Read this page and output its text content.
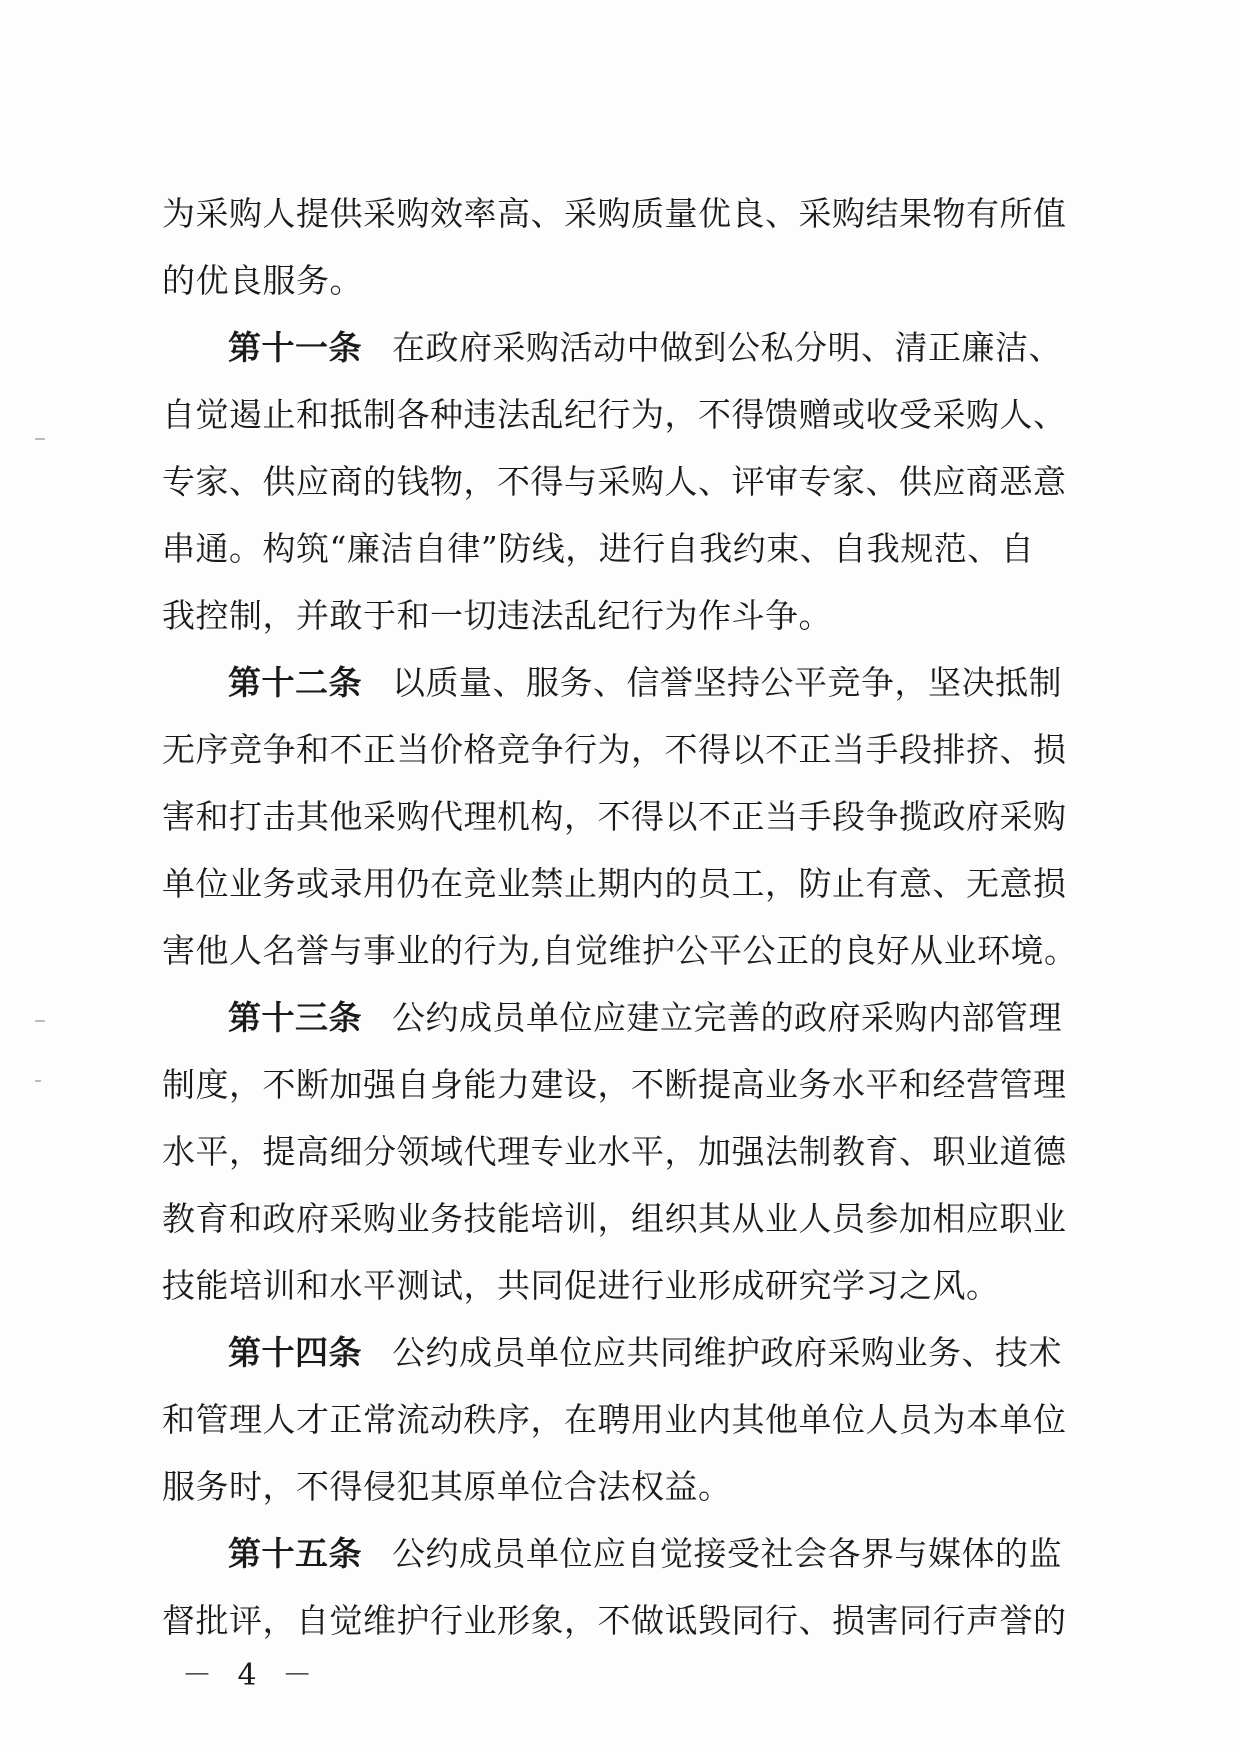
为采购人提供采购效率高、采购质量优良、采购结果物有所值
的优良服务。
第十一条 在政府采购活动中做到公私分明、清正廉洁、
自觉遏止和抵制各种违法乱纪行为，不得馈赠或收受采购人、
专家、供应商的钱物，不得与采购人、评审专家、供应商恶意
串通。构筑“廉洁自律”防线，进行自我约束、自我规范、自
我控制，并敢于和一切违法乱纪行为作斗争。
第十二条 以质量、服务、信誉坚持公平竞争，坚决抵制
无序竞争和不正当价格竞争行为，不得以不正当手段排挤、损
害和打击其他采购代理机构，不得以不正当手段争揽政府采购
单位业务或录用仍在竞业禁止期内的员工，防止有意、无意损
害他人名誉与事业的行为,自觉维护公平公正的良好从业环境。
第十三条 公约成员单位应建立完善的政府采购内部管理
制度，不断加强自身能力建设，不断提高业务水平和经营管理
水平，提高细分领域代理专业水平，加强法制教育、职业道德
教育和政府采购业务技能培训，组织其从业人员参加相应职业
技能培训和水平测试，共同促进行业形成研究学习之风。
第十四条 公约成员单位应共同维护政府采购业务、技术
和管理人才正常流动秩序，在聘用业内其他单位人员为本单位
服务时，不得侵犯其原单位合法权益。
第十五条 公约成员单位应自觉接受社会各界与媒体的监
督批评，自觉维护行业形象，不做诋毁同行、损害同行声誉的
－ 4 －
